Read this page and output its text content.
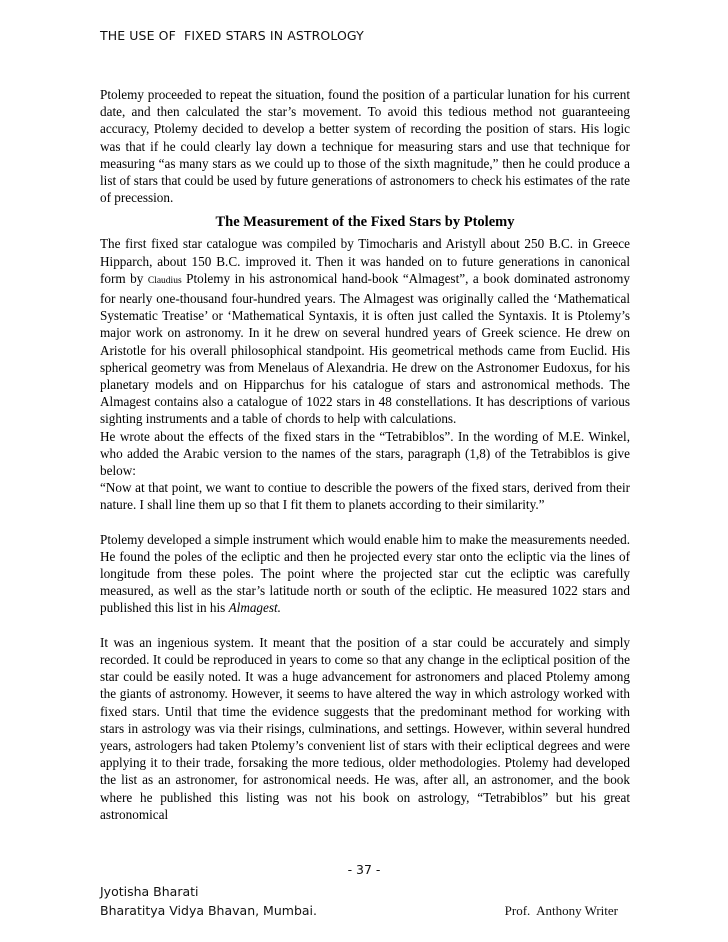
THE USE OF  FIXED STARS IN ASTROLOGY

Ptolemy proceeded to repeat the situation, found the position of a particular lunation for his current date, and then calculated the star’s movement. To avoid this tedious method not guaranteeing accuracy, Ptolemy decided to develop a better system of recording the position of stars. His logic was that if he could clearly lay down a technique for measuring stars and use that technique for measuring “as many stars as we could up to those of the sixth magnitude,” then he could produce a list of stars that could be used by future generations of astronomers to check his estimates of the rate of precession.

The Measurement of the Fixed Stars by Ptolemy

The first fixed star catalogue was compiled by Timocharis and Aristyll about 250 B.C. in Greece Hipparch, about 150 B.C. improved it. Then it was handed on to future generations in canonical form by Claudius Ptolemy in his astronomical hand-book “Almagest”, a book dominated astronomy for nearly one-thousand four-hundred years. The Almagest was originally called the ‘Mathematical Systematic Treatise’ or ‘Mathematical Syntaxis, it is often just called the Syntaxis. It is Ptolemy’s major work on astronomy. In it he drew on several hundred years of Greek science. He drew on Aristotle for his overall philosophical standpoint. His geometrical methods came from Euclid. His spherical geometry was from Menelaus of Alexandria. He drew on the Astronomer Eudoxus, for his planetary models and on Hipparchus for his catalogue of stars and astronomical methods. The Almagest contains also a catalogue of 1022 stars in 48 constellations. It has descriptions of various sighting instruments and a table of chords to help with calculations.

He wrote about the effects of the fixed stars in the “Tetrabiblos”. In the wording of M.E. Winkel, who added the Arabic version to the names of the stars, paragraph (1,8) of the Tetrabiblos is give below:

“Now at that point, we want to contiue to describle the powers of the fixed stars, derived from their nature. I shall line them up so that I fit them to planets according to their similarity.”

Ptolemy developed a simple instrument which would enable him to make the measurements needed. He found the poles of the ecliptic and then he projected every star onto the ecliptic via the lines of longitude from these poles. The point where the projected star cut the ecliptic was carefully measured, as well as the star’s latitude north or south of the ecliptic. He measured 1022 stars and published this list in his Almagest.

It was an ingenious system. It meant that the position of a star could be accurately and simply recorded. It could be reproduced in years to come so that any change in the ecliptical position of the star could be easily noted. It was a huge advancement for astronomers and placed Ptolemy among the giants of astronomy. However, it seems to have altered the way in which astrology worked with fixed stars. Until that time the evidence suggests that the predominant method for working with stars in astrology was via their risings, culminations, and settings. However, within several hundred years, astrologers had taken Ptolemy’s convenient list of stars with their ecliptical degrees and were applying it to their trade, forsaking the more tedious, older methodologies. Ptolemy had developed the list as an astronomer, for astronomical needs. He was, after all, an astronomer, and the book where he published this listing was not his book on astrology, “Tetrabiblos” but his great astronomical

- 37 -
Jyotisha Bharati
Bharatitya Vidya Bhavan, Mumbai.	Prof.  Anthony Writer
